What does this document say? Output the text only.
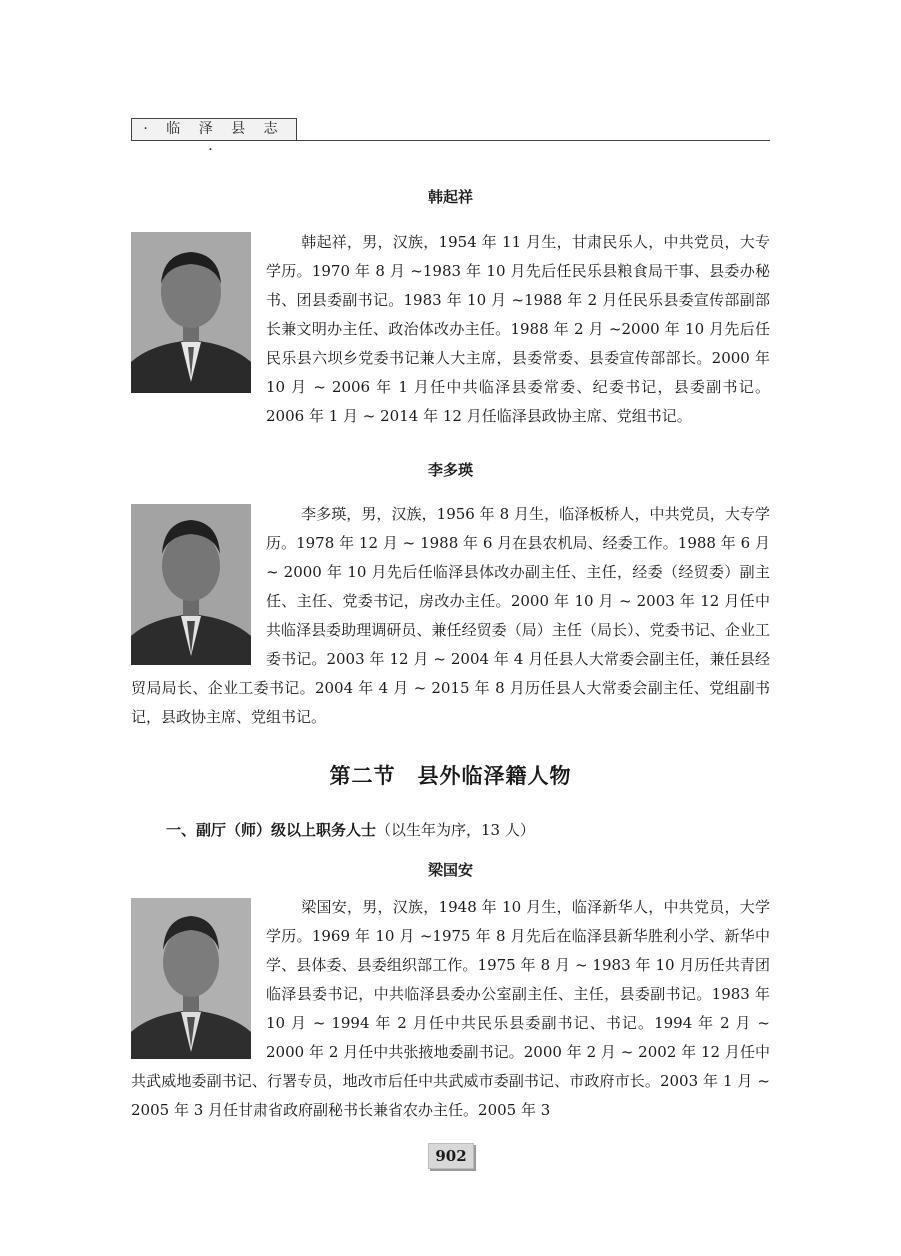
· 临 泽 县 志 ·
韩起祥
韩起祥，男，汉族，1954 年 11 月生，甘肃民乐人，中共党员，大专学历。1970 年 8 月 ~1983 年 10 月先后任民乐县粮食局干事、县委办秘书、团县委副书记。1983 年 10 月 ~1988 年 2 月任民乐县委宣传部副部长兼文明办主任、政治体改办主任。1988 年 2 月 ~2000 年 10 月先后任民乐县六坝乡党委书记兼人大主席，县委常委、县委宣传部部长。2000 年 10 月 ~ 2006 年 1 月任中共临泽县委常委、纪委书记，县委副书记。2006 年 1 月 ~ 2014 年 12 月任临泽县政协主席、党组书记。
李多瑛
李多瑛，男，汉族，1956 年 8 月生，临泽板桥人，中共党员，大专学历。1978 年 12 月 ~ 1988 年 6 月在县农机局、经委工作。1988 年 6 月 ~ 2000 年 10 月先后任临泽县体改办副主任、主任，经委（经贸委）副主任、主任、党委书记，房改办主任。2000 年 10 月 ~ 2003 年 12 月任中共临泽县委助理调研员、兼任经贸委（局）主任（局长）、党委书记、企业工委书记。2003 年 12 月 ~ 2004 年 4 月任县人大常委会副主任，兼任县经贸局局长、企业工委书记。2004 年 4 月 ~ 2015 年 8 月历任县人大常委会副主任、党组副书记，县政协主席、党组书记。
第二节　县外临泽籍人物
一、副厅（师）级以上职务人士（以生年为序，13 人）
梁国安
梁国安，男，汉族，1948 年 10 月生，临泽新华人，中共党员，大学学历。1969 年 10 月 ~1975 年 8 月先后在临泽县新华胜利小学、新华中学、县体委、县委组织部工作。1975 年 8 月 ~ 1983 年 10 月历任共青团临泽县委书记，中共临泽县委办公室副主任、主任，县委副书记。1983 年 10 月 ~ 1994 年 2 月任中共民乐县委副书记、书记。1994 年 2 月 ~ 2000 年 2 月任中共张掖地委副书记。2000 年 2 月 ~ 2002 年 12 月任中共武威地委副书记、行署专员，地改市后任中共武威市委副书记、市政府市长。2003 年 1 月 ~ 2005 年 3 月任甘肃省政府副秘书长兼省农办主任。2005 年 3
902
